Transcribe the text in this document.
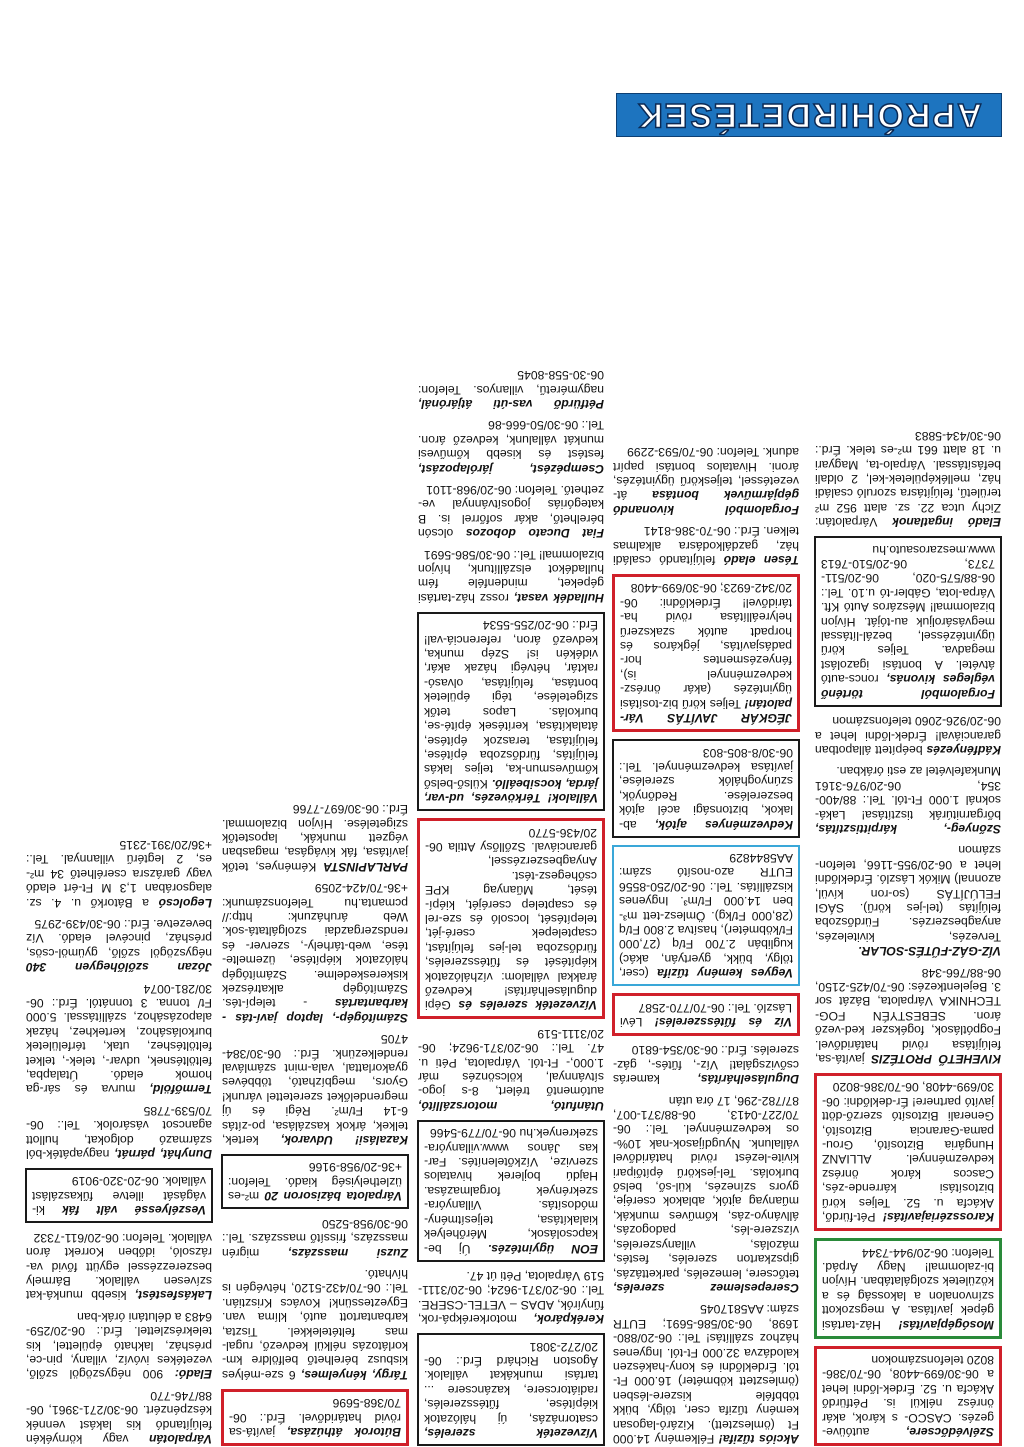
Szélvédőcsere, autóüve-gezés. CASCO- s károk, akár önrész nélkül is. Pétfürdő Akácfa u. 52. Érdek-lődni lehet a 06-30/699-4408, 06-70/386-8020 telefonszámokon

Mosógépjavítás! Ház-tartási gépek javítása. A megszokott színvonalon a lakosság és a közületek szolgálatában. Hívjon bi-zalommal! Nagy Árpád. Telefon: 06-20/944-7344

Karosszériajavítás! Pét-fürdő, Akácfa u. 52. Teljes körű biztosítási kárrende-zés, Cascos károk önrész kedvezménnyel. ALLIANZ Hungária Biztosító, Grou-pama-Garancia Biztosító, Generali Biztosító szerző-dött javító partnere! Ér-deklődni: 06-30/699-4408, 06-70/386-8020

KIVEHETŐ PROTÉZIS javítá-sa, felújítása rövid határidővel. Fogpótlások, fogékszer ked-vező áron. SEBESTYÉN FOG-TECHNIKA Várpalota, Bázát sor 3. Bejelentkezés: 06-70/425-2150, 06-88/766-348

VÍZ-GÁZ-FŰTÉS-SOLAR. Tervezés, kivitelezés, anyagbeszerzés. Fürdőszoba felújítás (tel-jes körű). SÁGI FELÚJÍTÁS (so-ron kívül, azonnal) Mikók László. Érdeklődni lehet a 06-20/955-1166, telefon-számon

Szőnyeg-, kárpittisztítás, bőrgarnitúrák tisztítása! Laká-soknál 1.000 Ft-tól. Tel.: 88/400-354, 06-20/976-3161 Munkafelvétel az esti órákban.

Kádfényezés beépített állapotban garanciával! Érdek-lődni lehet a 06-20/926-2060 telefonszámon

Forgalomból történő végleges kivonás, roncs-autó átvétel. A bontási igazolást megadva. Teljes körű ügyintézéssel, bezál-lítással megvásároljuk au-tóját. Hívjon bizalommal! Mészáros Autó Kft. Várpa-lota, Gábler-tó u.10. Tel.: 06-88/575-020, 06-20/511-7373, 06-20/510-7613 www.meszarosauto.hu

Eladó ingatlanok Várpalotán: Zichy utca 22. sz. alatt 952 m² területű, felújításra szoruló családi ház, melléképületek-kel, 2 oldali befásítással. Várpalo-ta, Magyari u. 18 alatt 661 m²-es telek. Érd.: 06-30/434-5883

Akciós tűzifa! Félkemény 14.000 Ft (ömlesztett). Kizáró-lagosan kemény tűzifa cser, tölgy, bükk többféle kiszere-lésben (ömlesztett köbméter) 16.000 Ft-tól. Érdeklődni és kony-hakészen kalodázva 32.000 Ft-tól. Ingyenes házhoz szállítás! Tel.: 06-20/880-1698, 06-30/586-5691; EUTR szám: AA5817045

Cserepeslemez szerelés, tetőcsere, lemezelés, parkettázás, gipszkarton szerelés, festés, mázolás, villanyszerelés, vízszere-lés, padogozás, állványo-zás, kőműves munkák, műanyag ajtók, ablakok cseréje, gyors színezés, kül-ső, belső burkolás. Tel-jeskörű építőipari kivite-lezést rövid határidővel vállalunk. Nyugdíjasok-nak 10%-os kedvezménnyel. Tel.: 06-70/227-0413, 06-88/371-007, 87/782-296, 17 óra után

Duguláselhárítás, kamerás csővizsgálat! Víz-, fűtés-, gáz-szerelés. Érd.: 06-30/354-6810

Víz és fűtésszerelés! Lévi László. Tel.: 06-70/770-2587

Vegyes kemény tűzifa (cser, tölgy, bükk, gyertyán, akác) kuglibán 2.700 Ft/q (27,000 Ft/köbméter), hasítva 2.800 Ft/q (28,000 Ft/kg). Ömlesz-tett m³-ben 14.000 Ft/m³. Ingyenes kiszállítás. Tel.: 06-20/250-8556 EUTR azo-nosító szám: AA5844829

Kedvezményes ajtók, ab-lakok, biztonsági acél ajtók beszerelése. Redőnyök, szúnyoghálók szerelése, javítása kedvezménnyel. Tel.: 06-30/8-805-803

JÉGKÁR JAVÍTÁS Vár-palotán! Teljes körű biz-tosítási ügyintézés (akár önrész- kedvezménnyel is), fényezésmentes hor-padásjavítás, jégkáros és horpadt autók szakszerű helyreállítása rövid ha-táridővel! Érdeklődni: 06-20/342-6923; 06-30/699-4408

Tésen eladó felújítandó családi ház, gazdálkodásra alkalmas telken. Érd.: 06-70-386-8141

Forgalomból kivonandó gépjárművek bontása át-vezetéssel, teljeskörű ügyintézés, ároni. Hivatalos bontási papírt adunk. Telefon: 06-70/593-2299

Vízvezeték szerelés, csatornázás, új hálózatok kiépítése, fűtésszerelés, radiátorcsere, kazáncsere ... tartási munkákat vállalok. Ágoston Richárd Érd.: 06-20/272-3081

Kerékpárok, motorkerékpá-rok, fűnyírók, ADAS – VETEL-CSERE. Tel.: 06-20/371-9624; 06-20/3111-519 Várpalota, Péti út 47.

EON ügyintézés. Új be-kapcsolások, Mérőhelyek kialakítása, teljesítmény-módosítás. Villanyóra-szekrények forgalmazása. Hajdú bojlerek hivatalos szervize, Vízkőtelenítés. Far-kas János www.villanyóra-szekrenyek.hu 06-70/779-5466

Utánfutó, motorszállító, autómentő trélert, 8-s jogo-sítvánnyal, kölcsönzés már 1.000,- Ft-tól. Várpalota, Péti u. 47. Tel.: 06-20/371-9624; 06-20/3111-519

Vízvezeték szerelés és Gépi duguláselhárítás! Kedvező árakkal vállalom: vízhálózatok kiépítését és fűtésszerelés, fürdőszoba tel-jes felújítást, csaptelepek cseré-jét, telepítését, locsoló és sze-rel és csaptelep cseréjét, kiépí-tését, Műanyag KPE csőhegesz-tést. Anyagbeszerzéssel, garanciával. Szőllősy Attila 06-20/436-5770

Vállalok! Térkövezés, ud-var, járda, kocsibeálló. Külső-belső kőművesmun-ka, teljes lakás felújítás, fürdőszoba építése, felújítása, teraszok építése, átalakítása, kerítések építé-se, burkolás. Lapos tetők szigetelése, tégi épületek bontása, felújítása, olvasó-raktár, hétvégi házak akár, vidékén is! Szép munka, kedvező áron, referenciá-val! Érd.: 06-20/255-5534

Hulladék vasat, rossz ház-tartási gépeket, mindenféle fém hulladékot elszállítunk, hívjon bizalommal! Tel.: 06-30/586-5691

Fiat Ducato dobozos olcsón bérelhető, akár sofőrrel is. B kategóriás jogosítvánnyal ve-zethető. Telefon: 06-20/968-1101

Csempézést, járólapozást, festést és kisebb kőművesi munkát vállalunk, kedvező áron. Tel.: 06-30/50-666-86

Pétfürdő vas-úti átjárónál, nagyméretű, villanyos. Telefon: 06-30-558-8045

Bútorok áthúzása, javítá-sa rövid határidővel. Érd.: 06-70/368-5696

Tárgy, kényelmes, 6 sze-mélyes kisbusz bérelhető belföldre km-korlátozás nélkül kedvező, rugal-mas feltételekkel. Tiszta, karbantartott autó, klíma van. Egyeztessünk! Kovács Krisztián. Tel.: 06-70/432-5120, hétvégén is hívható.

Zuzsi masszázs, migrén masszázs, frissítő masszázs. Tel.: 06-30/958-5250

Várpalota bázisoron 20 m²-es üzlethelyiség kiadó. Telefon: +36-20/958-9166

Kazalási! Udvarok, kertek, telkek, árkok kaszálása, po-zítás 6-14 Ft/m². Régi és új megrendelőket szeretettel várunk! Gyors, megbízható, többéves gyakorlattal, vala-mint számlával rendelkezünk. Érd.: 06-30/384-4705

Számítógép-, laptop javí-tás - karbantartás - telepí-tés. Számítógép alkatrészek kiskereskedelme. Számítógép hálózatok kiépítése, üzemelte-tése, web-tárhely-, szerver- és rendszergazdai szolgáltatá-sok. Web áruházunk: http:// pcmanta.hu Telefonszámunk: +36-70/424-2059

PARLAPINSTA Kéményes, tetők javítása, fák kivágása, magasban végzett munkák, lapostetők szigetelése. Hívjon bizalommal. Érd.: 06-30/697-7766

Várpalotán vagy környékén felújítandó kis lakást vennék készpénzért. 06-30/271-3961, 06-88/746-770

Eladó: 900 négyszögöl szőlő, vezetékes ivóvíz, villany, pin-ce, présház, lakható épülettel, kis telekrészlettel. Érd.: 06-20/259-6483 a délutáni órák-ban

Lakásfestést, kisebb munká-kat szívesen vállalok. Bármely beszerezzéssel együtt fővid va-rázsoló, időben Korrekt áron vállalok. Telefon: 06-20/611-7332

Veszélyessé vált fák ki-vágását illetve fűkaszálást vállalok. 06-20-320-9019

Dunyhát, párnát, nagyapáték-ból származó dolgokat, hullott agancsot vásárolok. Tel.: 06-70/539-7785

Termőföld, murva és sár-ga homok eladó. Útalapba, feltöltésnek, udvar-, telek-, telket feltöltéshez, utak, térfelületek burkolásához, kertekhez, házak alapozásához, szállítással. 5.000 Ft/ tonna. 3 tonnától. Érd.: 06-30/281-0074

Józan szőlőhegyen 340 négyszögöl szőlő, gyümöl-csös, présház, pincével eladó. Víz bevezetve. Érd.: 06-30/439-2975

Legolcsó a Bátorkő u. 4. sz. alagsorában 1,3 M Ft-ért eladó vagy garázsra cserélhető 34 m²-es, 2 legtérű villannyal. Tel.: +36/20/391-2315

APRÓHIRDETÉSEK
